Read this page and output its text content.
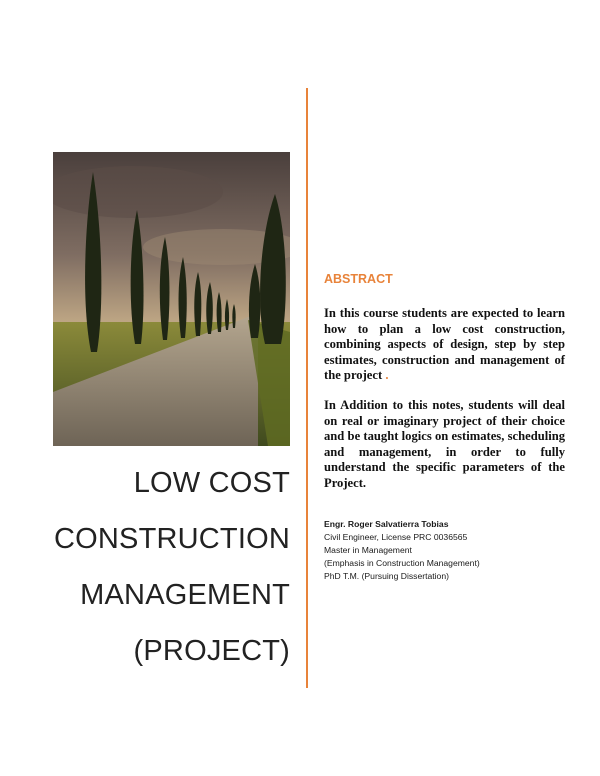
LOW COST
CONSTRUCTION
MANAGEMENT
(PROJECT)
ABSTRACT

In this course students are expected to learn how to plan a low cost construction, combining aspects of design, step by step estimates, construction and management of the project .

In Addition to this notes, students will deal on real or imaginary project of their choice and be taught logics on estimates, scheduling and management, in order to fully understand the specific parameters of the Project.

Engr. Roger Salvatierra Tobias
Civil Engineer, License PRC 0036565
Master in Management
(Emphasis in Construction Management)
PhD T.M. (Pursuing Dissertation)
